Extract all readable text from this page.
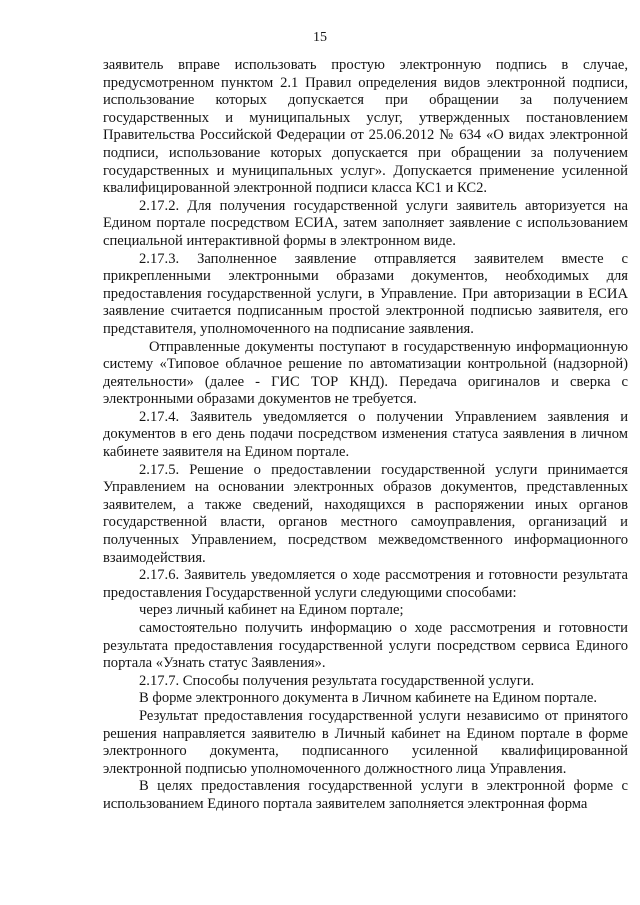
15

заявитель вправе использовать простую электронную подпись в случае, предусмотренном пунктом 2.1 Правил определения видов электронной подписи, использование которых допускается при обращении за получением государственных и муниципальных услуг, утвержденных постановлением Правительства Российской Федерации от 25.06.2012 № 634 «О видах электронной подписи, использование которых допускается при обращении за получением государственных и муниципальных услуг». Допускается применение усиленной квалифицированной электронной подписи класса КС1 и КС2.

2.17.2. Для получения государственной услуги заявитель авторизуется на Едином портале посредством ЕСИА, затем заполняет заявление с использованием специальной интерактивной формы в электронном виде.

2.17.3. Заполненное заявление отправляется заявителем вместе с прикрепленными электронными образами документов, необходимых для предоставления государственной услуги, в Управление. При авторизации в ЕСИА заявление считается подписанным простой электронной подписью заявителя, его представителя, уполномоченного на подписание заявления.

Отправленные документы поступают в государственную информационную систему «Типовое облачное решение по автоматизации контрольной (надзорной) деятельности» (далее - ГИС ТОР КНД). Передача оригиналов и сверка с электронными образами документов не требуется.

2.17.4. Заявитель уведомляется о получении Управлением заявления и документов в его день подачи посредством изменения статуса заявления в личном кабинете заявителя на Едином портале.

2.17.5. Решение о предоставлении государственной услуги принимается Управлением на основании электронных образов документов, представленных заявителем, а также сведений, находящихся в распоряжении иных органов государственной власти, органов местного самоуправления, организаций и полученных Управлением, посредством межведомственного информационного взаимодействия.

2.17.6. Заявитель уведомляется о ходе рассмотрения и готовности результата предоставления Государственной услуги следующими способами:

через личный кабинет на Едином портале;

самостоятельно получить информацию о ходе рассмотрения и готовности результата предоставления государственной услуги посредством сервиса Единого портала «Узнать статус Заявления».

2.17.7. Способы получения результата государственной услуги.

В форме электронного документа в Личном кабинете на Едином портале.

Результат предоставления государственной услуги независимо от принятого решения направляется заявителю в Личный кабинет на Едином портале в форме электронного документа, подписанного усиленной квалифицированной электронной подписью уполномоченного должностного лица Управления.

В целях предоставления государственной услуги в электронной форме с использованием Единого портала заявителем заполняется электронная форма
